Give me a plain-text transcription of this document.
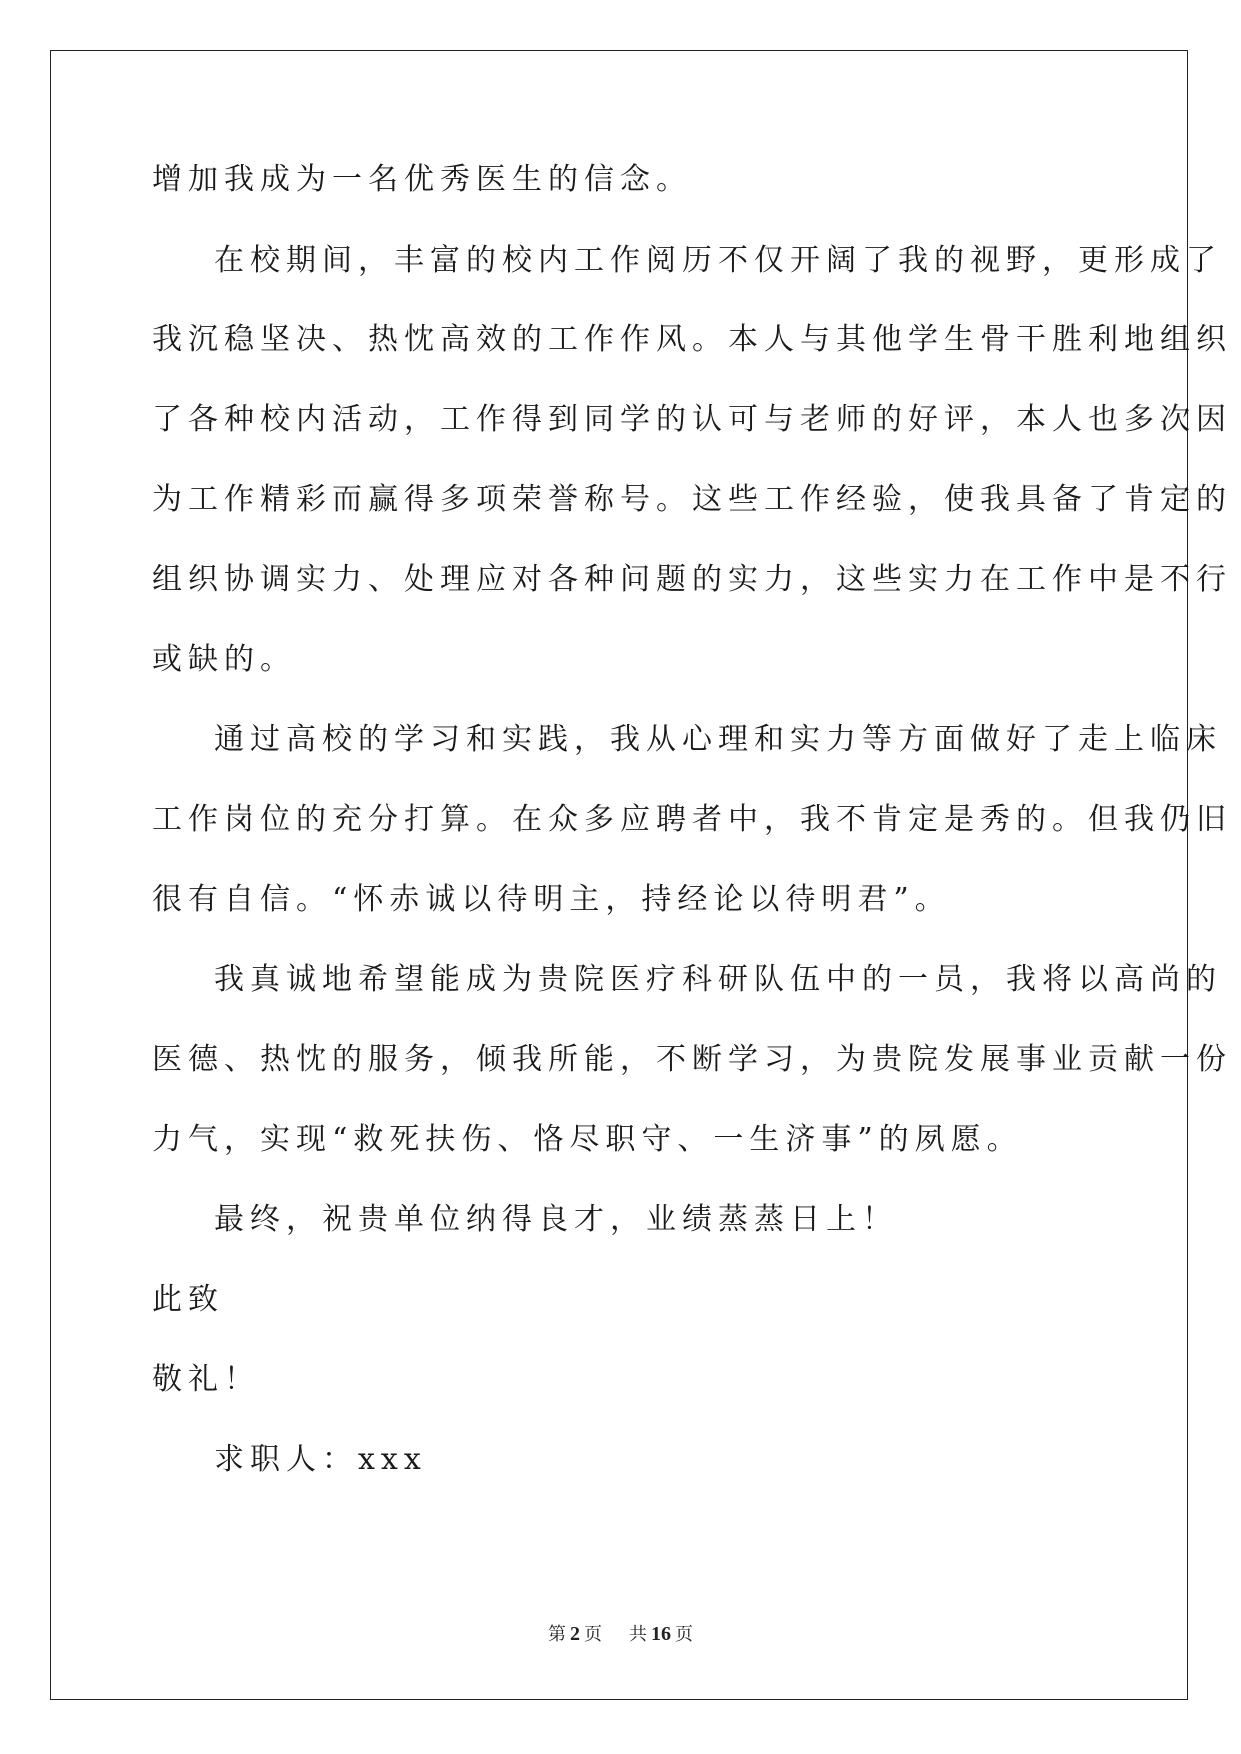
增加我成为一名优秀医生的信念。
在校期间，丰富的校内工作阅历不仅开阔了我的视野，更形成了
我沉稳坚决、热忱高效的工作作风。本人与其他学生骨干胜利地组织
了各种校内活动，工作得到同学的认可与老师的好评，本人也多次因
为工作精彩而赢得多项荣誉称号。这些工作经验，使我具备了肯定的
组织协调实力、处理应对各种问题的实力，这些实力在工作中是不行
或缺的。
通过高校的学习和实践，我从心理和实力等方面做好了走上临床
工作岗位的充分打算。在众多应聘者中，我不肯定是秀的。但我仍旧
很有自信。“怀赤诚以待明主，持经论以待明君”。
我真诚地希望能成为贵院医疗科研队伍中的一员，我将以高尚的
医德、热忱的服务，倾我所能，不断学习，为贵院发展事业贡献一份
力气，实现“救死扶伤、恪尽职守、一生济事”的夙愿。
最终，祝贵单位纳得良才，业绩蒸蒸日上！
此致
敬礼！
求职人：xxx
第 2 页 共 16 页
